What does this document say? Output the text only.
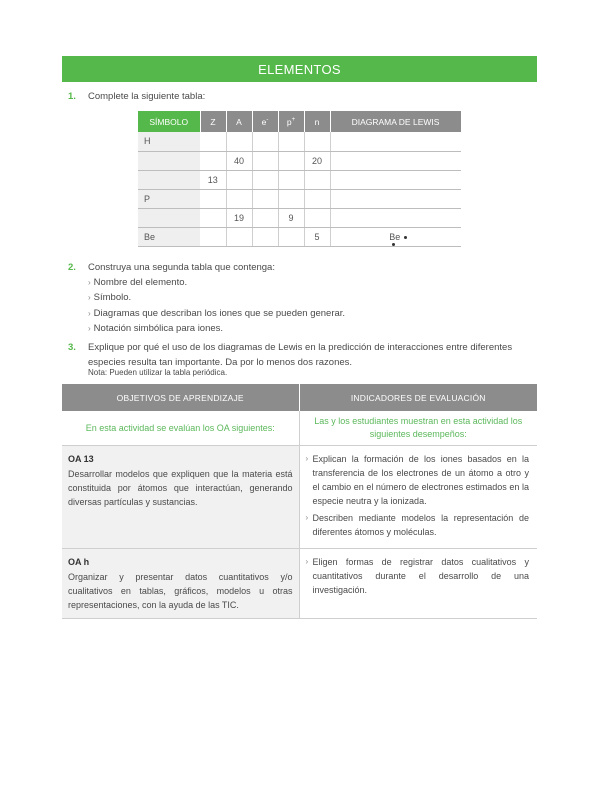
ELEMENTOS
1. Complete la siguiente tabla:
SÍMBOLO	Z	A	e-	p+	n	DIAGRAMA DE LEWIS
H						
		40			20	
	13					
P						
		19		9		
Be					5	Be
2. Construya una segunda tabla que contenga:
› Nombre del elemento.
› Símbolo.
› Diagramas que describan los iones que se pueden generar.
› Notación simbólica para iones.
3. Explique por qué el uso de los diagramas de Lewis en la predicción de interacciones entre diferentes especies resulta tan importante. Da por lo menos dos razones.
Nota: Pueden utilizar la tabla periódica.
OBJETIVOS DE APRENDIZAJE	INDICADORES DE EVALUACIÓN
En esta actividad se evalúan los OA siguientes:	Las y los estudiantes muestran en esta actividad los siguientes desempeños:

OA 13
Desarrollar modelos que expliquen que la materia está constituida por átomos que interactúan, generando diversas partículas y sustancias.

› Explican la formación de los iones basados en la transferencia de los electrones de un átomo a otro y el cambio en el número de electrones estimados en la especie neutra y la ionizada.
› Describen mediante modelos la representación de diferentes átomos y moléculas.

OA h
Organizar y presentar datos cuantitativos y/o cualitativos en tablas, gráficos, modelos u otras representaciones, con la ayuda de las TIC.

› Eligen formas de registrar datos cualitativos y cuantitativos durante el desarrollo de una investigación.
